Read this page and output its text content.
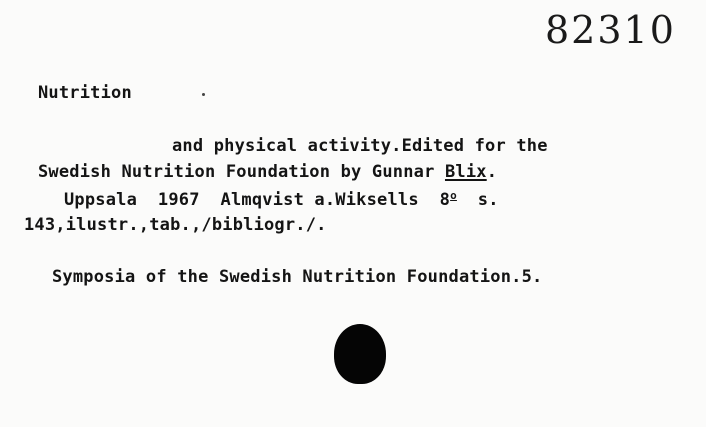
82310
Nutrition
and physical activity.Edited for the
Swedish Nutrition Foundation by Gunnar Blix.
Uppsala  1967  Almqvist a.Wiksells  8$^o$  s.
143,ilustr.,tab.,/bibliogr./.
Symposia of the Swedish Nutrition Foundation.5.
